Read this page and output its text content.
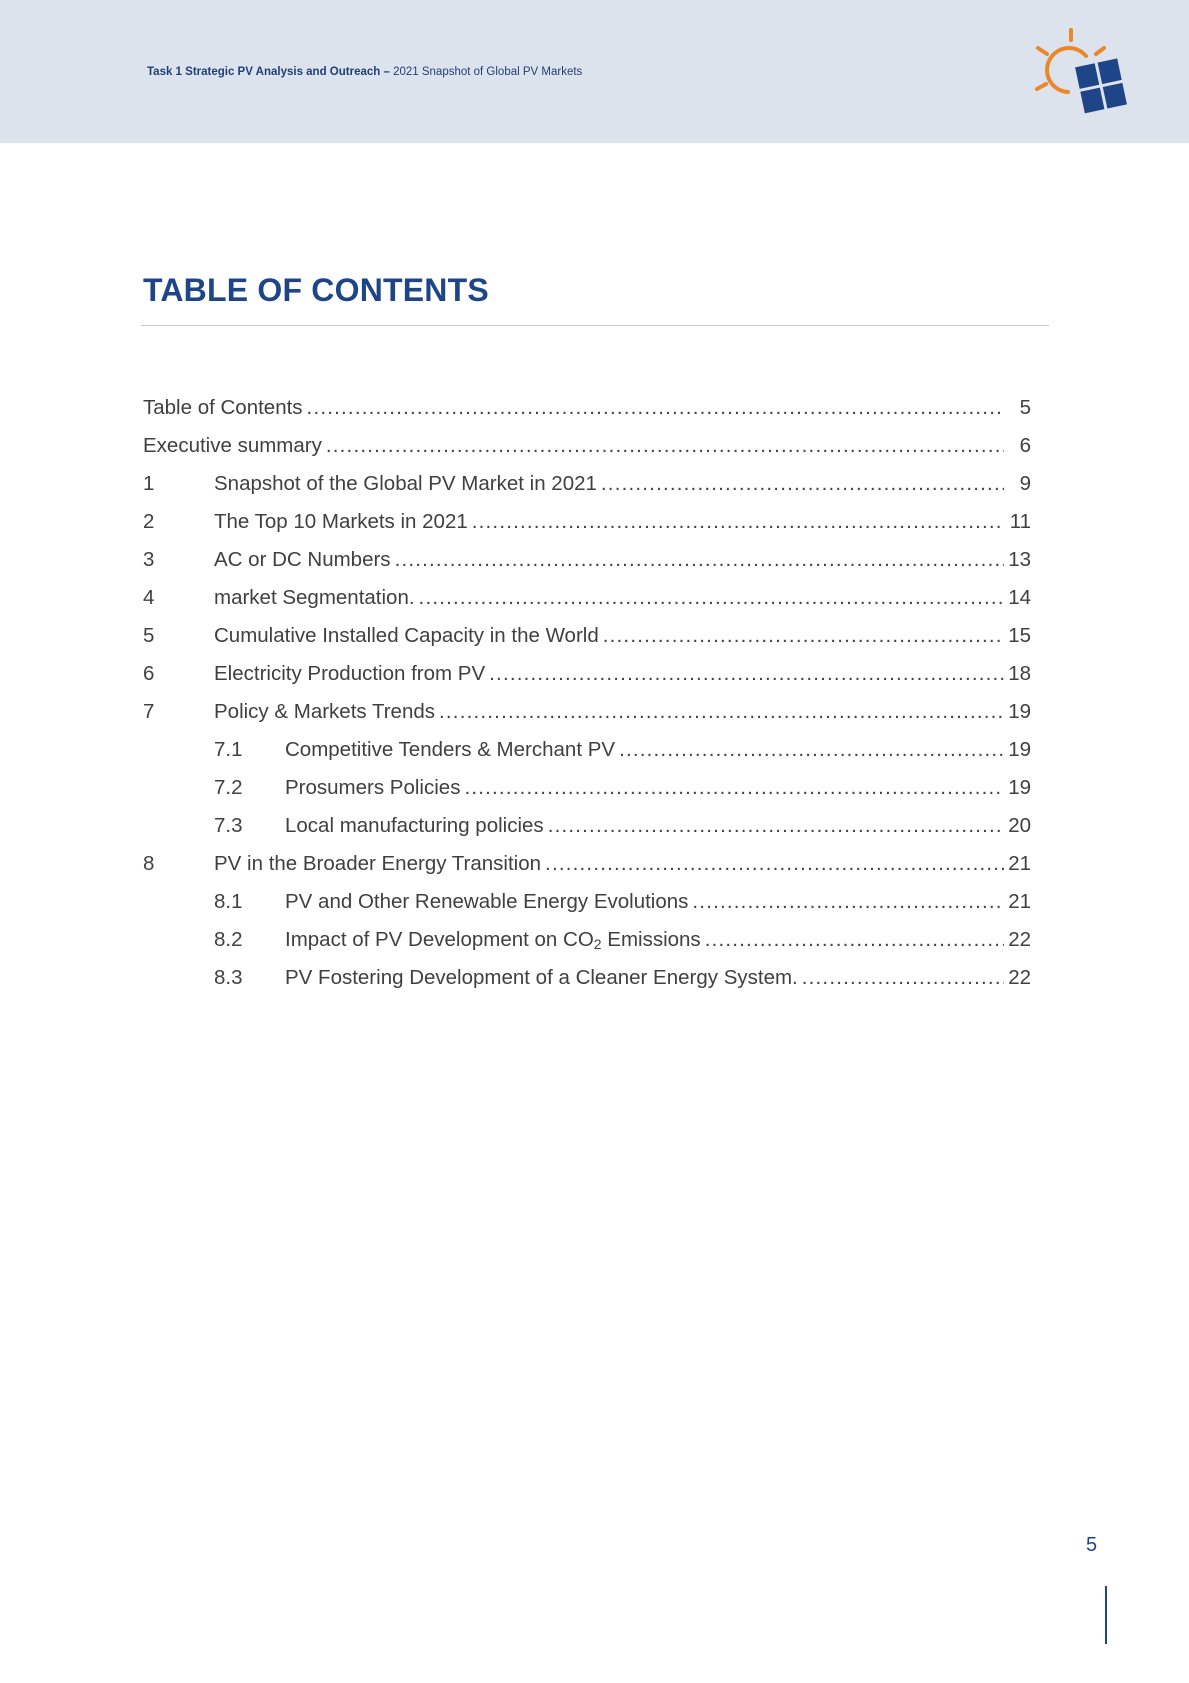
Task 1 Strategic PV Analysis and Outreach – 2021 Snapshot of Global PV Markets
TABLE OF CONTENTS
Table of Contents .....	5
Executive summary .....	6
1	Snapshot of the Global PV Market in 2021 .....	9
2	The Top 10 Markets in 2021 .....	11
3	AC or DC Numbers .....	13
4	market Segmentation. .....	14
5	Cumulative Installed Capacity in the World .....	15
6	Electricity Production from PV .....	18
7	Policy & Markets Trends .....	19
7.1	Competitive Tenders & Merchant PV .....	19
7.2	Prosumers Policies .....	19
7.3	Local manufacturing policies .....	20
8	PV in the Broader Energy Transition .....	21
8.1	PV and Other Renewable Energy Evolutions .....	21
8.2	Impact of PV Development on $CO_2$ Emissions .....	22
8.3	PV Fostering Development of a Cleaner Energy System. .....	22
5
